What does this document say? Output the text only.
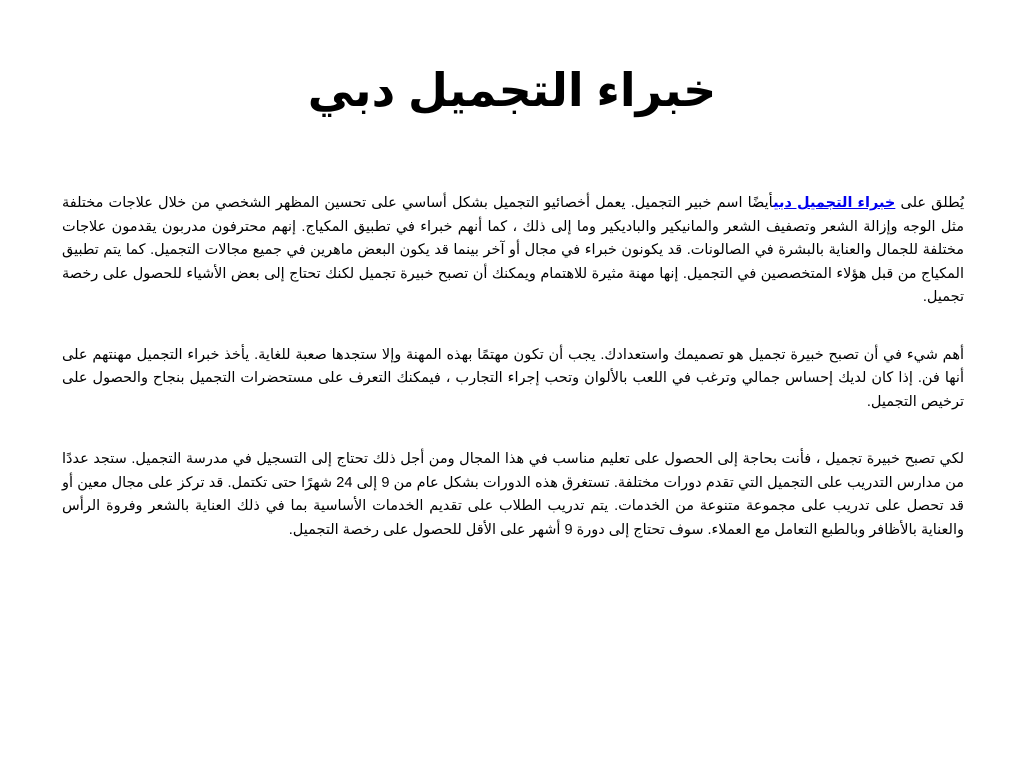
خبراء التجميل دبي

يُطلق على خبراء التجميل دبيأيضًا اسم خبير التجميل. يعمل أخصائيو التجميل بشكل أساسي على تحسين المظهر الشخصي من خلال علاجات مختلفة مثل الوجه وإزالة الشعر وتصفيف الشعر والمانيكير والباديكير وما إلى ذلك ، كما أنهم خبراء في تطبيق المكياج. إنهم محترفون مدربون يقدمون علاجات مختلفة للجمال والعناية بالبشرة في الصالونات. قد يكونون خبراء في مجال أو آخر بينما قد يكون البعض ماهرين في جميع مجالات التجميل. كما يتم تطبيق المكياج من قبل هؤلاء المتخصصين في التجميل. إنها مهنة مثيرة للاهتمام ويمكنك أن تصبح خبيرة تجميل لكنك تحتاج إلى بعض الأشياء للحصول على رخصة تجميل.

أهم شيء في أن تصبح خبيرة تجميل هو تصميمك واستعدادك. يجب أن تكون مهتمًا بهذه المهنة وإلا ستجدها صعبة للغاية. يأخذ خبراء التجميل مهنتهم على أنها فن. إذا كان لديك إحساس جمالي وترغب في اللعب بالألوان وتحب إجراء التجارب ، فيمكنك التعرف على مستحضرات التجميل بنجاح والحصول على ترخيص التجميل.

لكي تصبح خبيرة تجميل ، فأنت بحاجة إلى الحصول على تعليم مناسب في هذا المجال ومن أجل ذلك تحتاج إلى التسجيل في مدرسة التجميل. ستجد عددًا من مدارس التدريب على التجميل التي تقدم دورات مختلفة. تستغرق هذه الدورات بشكل عام من 9 إلى 24 شهرًا حتى تكتمل. قد تركز على مجال معين أو قد تحصل على تدريب على مجموعة متنوعة من الخدمات. يتم تدريب الطلاب على تقديم الخدمات الأساسية بما في ذلك العناية بالشعر وفروة الرأس والعناية بالأظافر وبالطبع التعامل مع العملاء. سوف تحتاج إلى دورة 9 أشهر على الأقل للحصول على رخصة التجميل.
